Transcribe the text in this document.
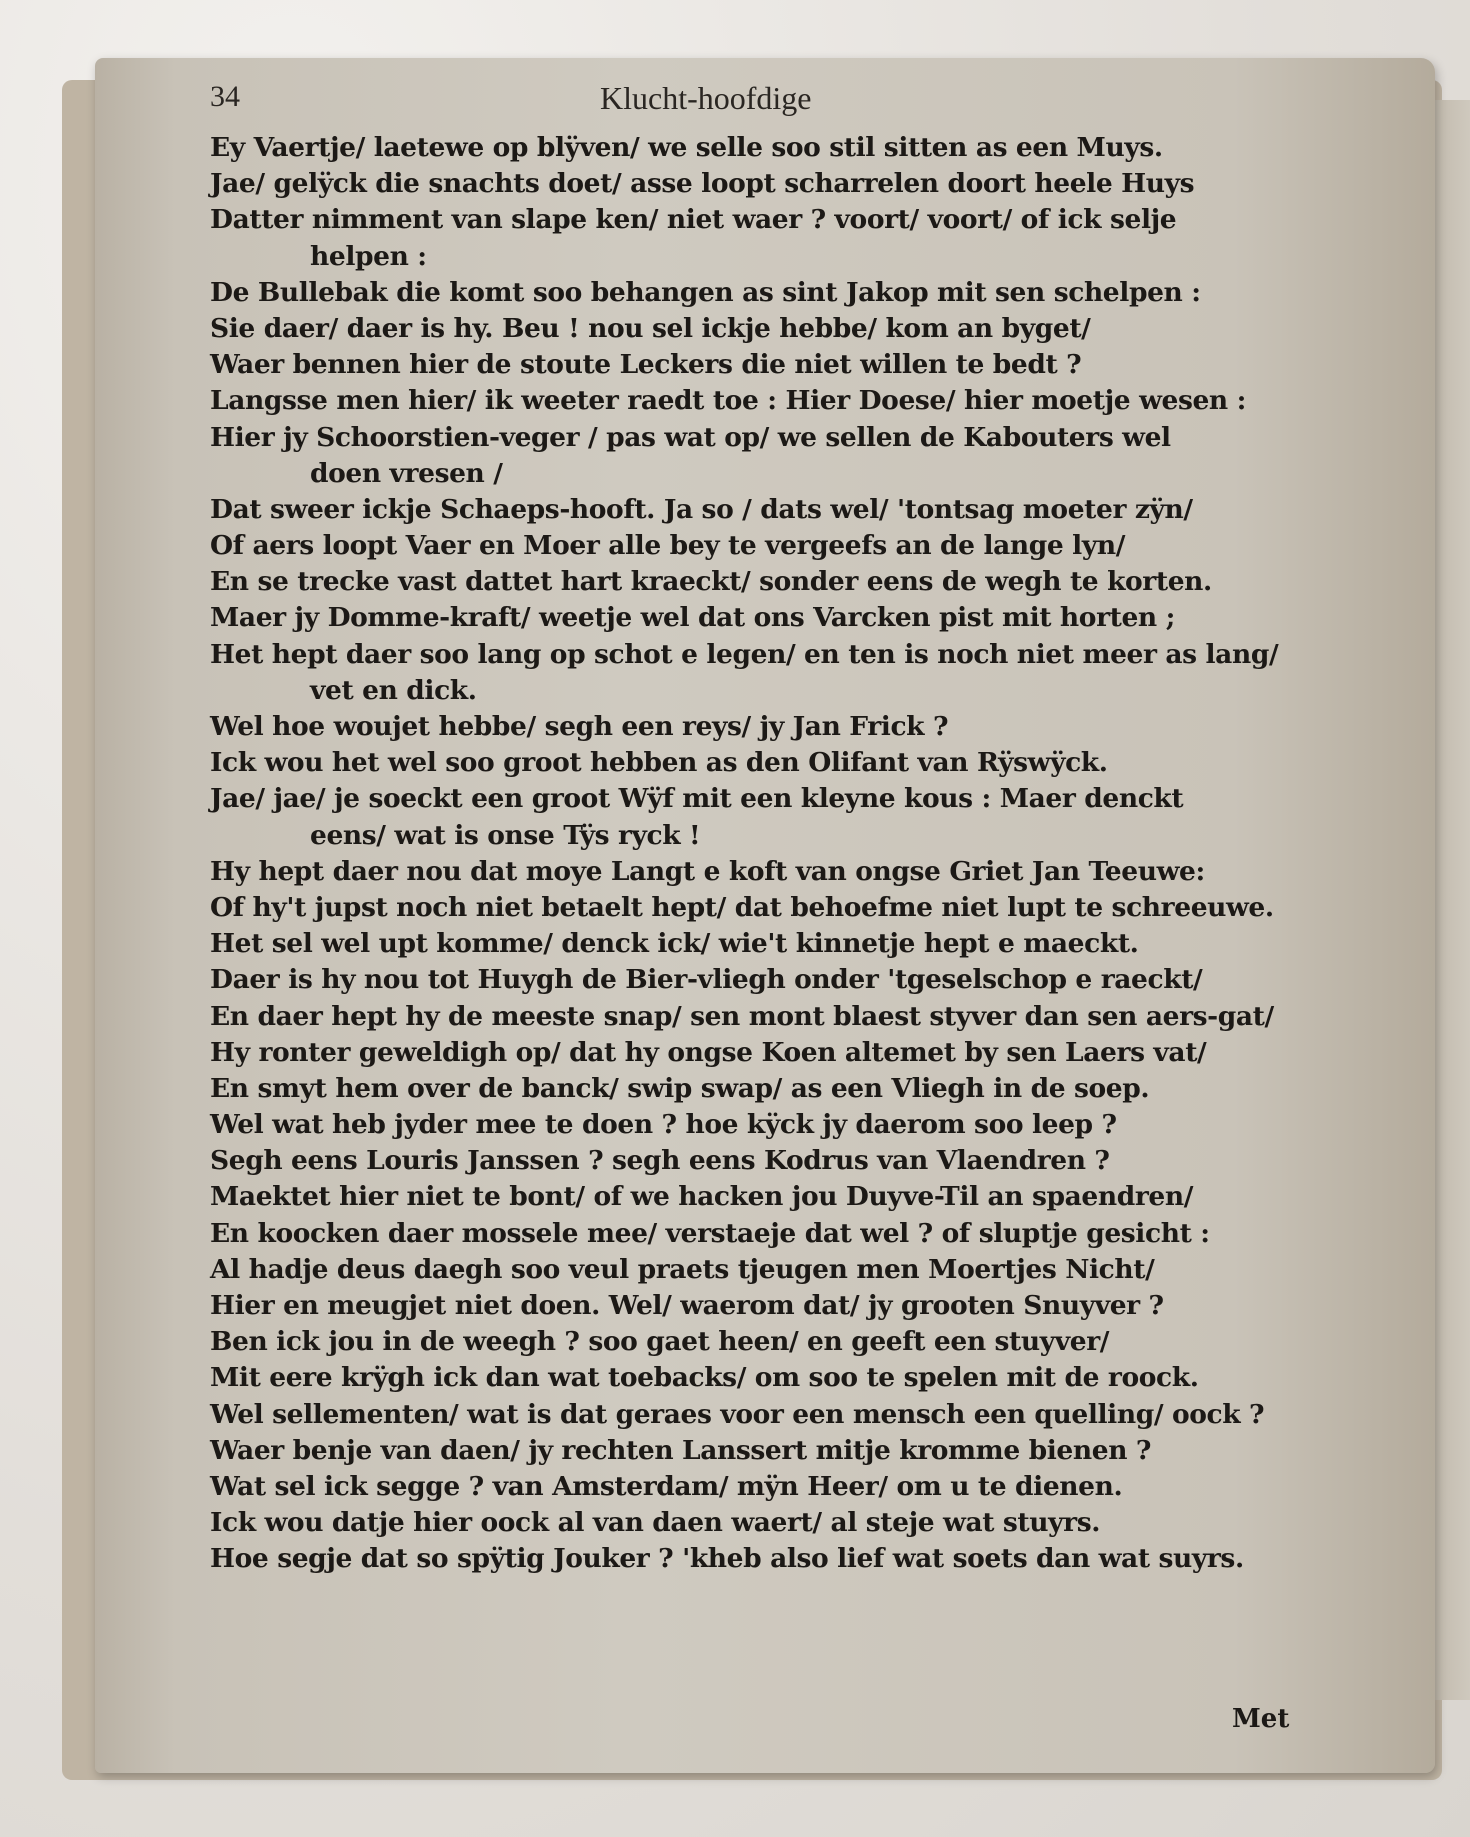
34	Klucht-hoofdige
Ey Vaertje/ laetewe op blÿven/ we selle soo stil sitten as een Muys.
Jae/ gelÿck die snachts doet/ asse loopt scharrelen doort heele Huys
Datter nimment van slape ken/ niet waer ? voort/ voort/ of ick selje
helpen :
De Bullebak die komt soo behangen as sint Jakop mit sen schelpen :
Sie daer/ daer is hy. Beu ! nou sel ickje hebbe/ kom an byget/
Waer bennen hier de stoute Leckers die niet willen te bedt ?
Langsse men hier/ ik weeter raedt toe : Hier Doese/ hier moetje wesen :
Hier jy Schoorstien-veger / pas wat op/ we sellen de Kabouters wel
doen vresen /
Dat sweer ickje Schaeps-hooft. Ja so / dats wel/ 'tontsag moeter zÿn/
Of aers loopt Vaer en Moer alle bey te vergeefs an de lange lyn/
En se trecke vast dattet hart kraeckt/ sonder eens de wegh te korten.
Maer jy Domme-kraft/ weetje wel dat ons Varcken pist mit horten ;
Het hept daer soo lang op schot e legen/ en ten is noch niet meer as lang/
vet en dick.
Wel hoe woujet hebbe/ segh een reys/ jy Jan Frick ?
Ick wou het wel soo groot hebben as den Olifant van Rÿswÿck.
Jae/ jae/ je soeckt een groot Wÿf mit een kleyne kous : Maer denckt
eens/ wat is onse Tÿs ryck !
Hy hept daer nou dat moye Langt e koft van ongse Griet Jan Teeuwe:
Of hy't jupst noch niet betaelt hept/ dat behoefme niet lupt te schreeuwe.
Het sel wel upt komme/ denck ick/ wie't kinnetje hept e maeckt.
Daer is hy nou tot Huygh de Bier-vliegh onder 'tgeselschop e raeckt/
En daer hept hy de meeste snap/ sen mont blaest styver dan sen aers-gat/
Hy ronter geweldigh op/ dat hy ongse Koen altemet by sen Laers vat/
En smyt hem over de banck/ swip swap/ as een Vliegh in de soep.
Wel wat heb jyder mee te doen ? hoe kÿck jy daerom soo leep ?
Segh eens Louris Janssen ? segh eens Kodrus van Vlaendren ?
Maektet hier niet te bont/ of we hacken jou Duyve-Til an spaendren/
En koocken daer mossele mee/ verstaeje dat wel ? of sluptje gesicht :
Al hadje deus daegh soo veul praets tjeugen men Moertjes Nicht/
Hier en meugjet niet doen. Wel/ waerom dat/ jy grooten Snuyver ?
Ben ick jou in de weegh ? soo gaet heen/ en geeft een stuyver/
Mit eere krÿgh ick dan wat toebacks/ om soo te spelen mit de roock.
Wel sellementen/ wat is dat geraes voor een mensch een quelling/ oock ?
Waer benje van daen/ jy rechten Lanssert mitje kromme bienen ?
Wat sel ick segge ? van Amsterdam/ mÿn Heer/ om u te dienen.
Ick wou datje hier oock al van daen waert/ al steje wat stuyrs.
Hoe segje dat so spÿtig Jouker ? 'kheb also lief wat soets dan wat suyrs.
Met
